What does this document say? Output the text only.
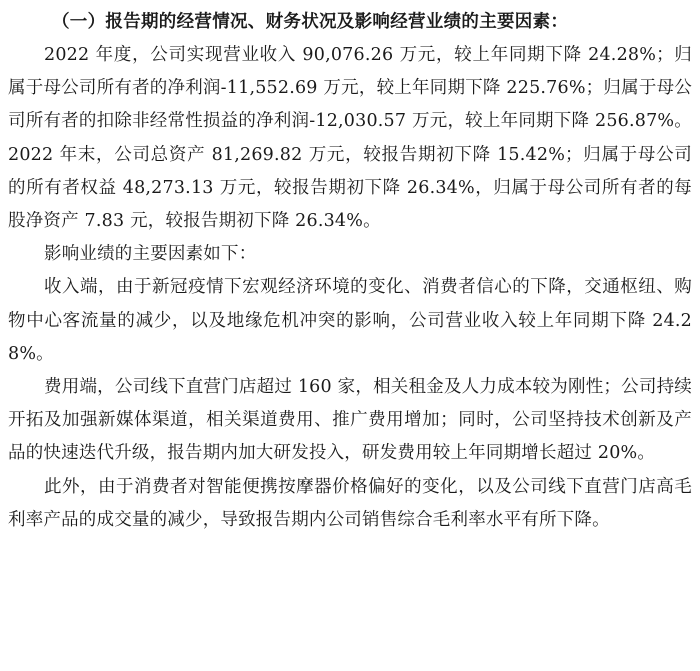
（一）报告期的经营情况、财务状况及影响经营业绩的主要因素：

2022 年度，公司实现营业收入 90,076.26 万元，较上年同期下降 24.28%；归属于母公司所有者的净利润-11,552.69 万元，较上年同期下降 225.76%；归属于母公司所有者的扣除非经常性损益的净利润-12,030.57 万元，较上年同期下降 256.87%。2022 年末，公司总资产 81,269.82 万元，较报告期初下降 15.42%；归属于母公司的所有者权益 48,273.13 万元，较报告期初下降 26.34%，归属于母公司所有者的每股净资产 7.83 元，较报告期初下降 26.34%。

影响业绩的主要因素如下：

收入端，由于新冠疫情下宏观经济环境的变化、消费者信心的下降，交通枢纽、购物中心客流量的减少，以及地缘危机冲突的影响，公司营业收入较上年同期下降 24.28%。

费用端，公司线下直营门店超过 160 家，相关租金及人力成本较为刚性；公司持续开拓及加强新媒体渠道，相关渠道费用、推广费用增加；同时，公司坚持技术创新及产品的快速迭代升级，报告期内加大研发投入，研发费用较上年同期增长超过 20%。

此外，由于消费者对智能便携按摩器价格偏好的变化，以及公司线下直营门店高毛利率产品的成交量的减少，导致报告期内公司销售综合毛利率水平有所下降。
